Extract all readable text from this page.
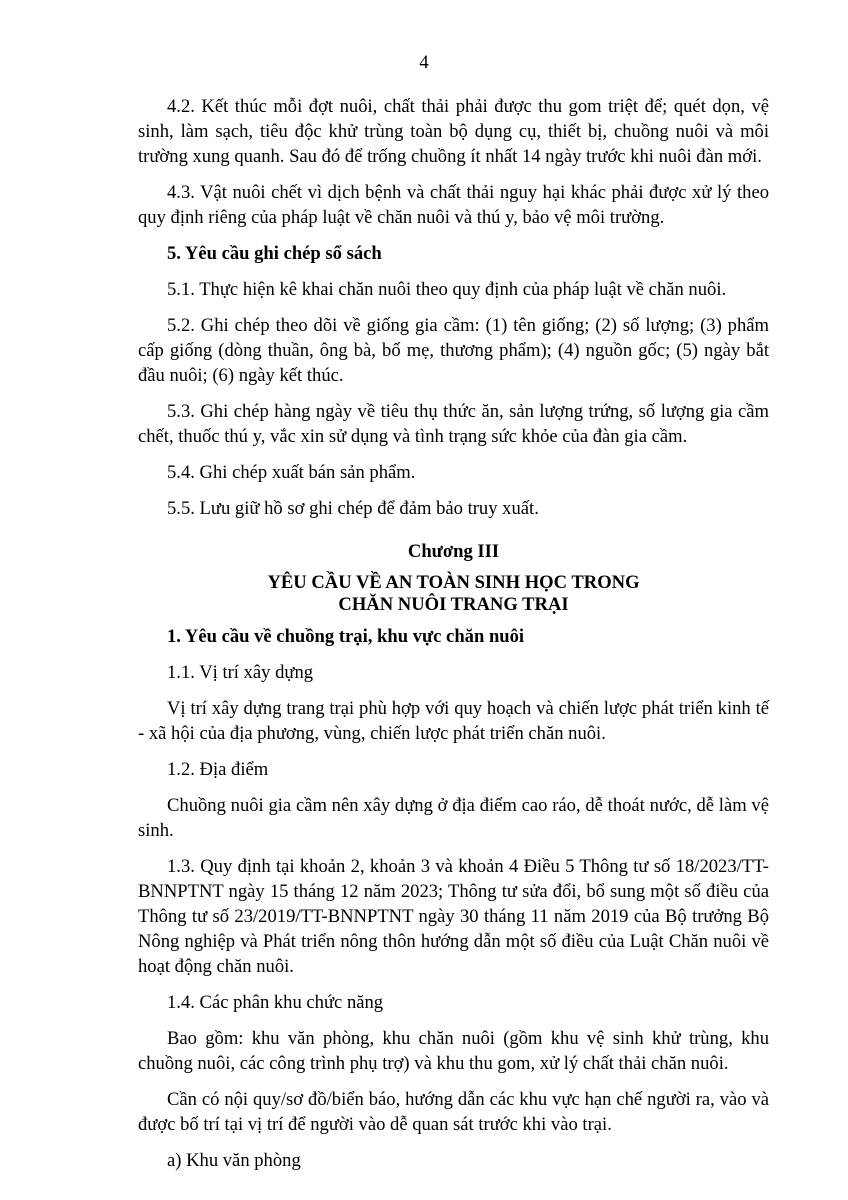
4

4.2. Kết thúc mỗi đợt nuôi, chất thải phải được thu gom triệt để; quét dọn, vệ sinh, làm sạch, tiêu độc khử trùng toàn bộ dụng cụ, thiết bị, chuồng nuôi và môi trường xung quanh. Sau đó để trống chuồng ít nhất 14 ngày trước khi nuôi đàn mới.

4.3. Vật nuôi chết vì dịch bệnh và chất thải nguy hại khác phải được xử lý theo quy định riêng của pháp luật về chăn nuôi và thú y, bảo vệ môi trường.

5. Yêu cầu ghi chép sổ sách

5.1. Thực hiện kê khai chăn nuôi theo quy định của pháp luật về chăn nuôi.

5.2. Ghi chép theo dõi về giống gia cầm: (1) tên giống; (2) số lượng; (3) phẩm cấp giống (dòng thuần, ông bà, bố mẹ, thương phẩm); (4) nguồn gốc; (5) ngày bắt đầu nuôi; (6) ngày kết thúc.

5.3. Ghi chép hàng ngày về tiêu thụ thức ăn, sản lượng trứng, số lượng gia cầm chết, thuốc thú y, vắc xin sử dụng và tình trạng sức khỏe của đàn gia cầm.

5.4. Ghi chép xuất bán sản phẩm.

5.5. Lưu giữ hồ sơ ghi chép để đảm bảo truy xuất.

Chương III

YÊU CẦU VỀ AN TOÀN SINH HỌC TRONG
CHĂN NUÔI TRANG TRẠI

1. Yêu cầu về chuồng trại, khu vực chăn nuôi

1.1. Vị trí xây dựng

Vị trí xây dựng trang trại phù hợp với quy hoạch và chiến lược phát triển kinh tế - xã hội của địa phương, vùng, chiến lược phát triển chăn nuôi.

1.2. Địa điểm

Chuồng nuôi gia cầm nên xây dựng ở địa điểm cao ráo, dễ thoát nước, dễ làm vệ sinh.

1.3. Quy định tại khoản 2, khoản 3 và khoản 4 Điều 5 Thông tư số 18/2023/TT-BNNPTNT ngày 15 tháng 12 năm 2023; Thông tư sửa đổi, bổ sung một số điều của Thông tư số 23/2019/TT-BNNPTNT ngày 30 tháng 11 năm 2019 của Bộ trưởng Bộ Nông nghiệp và Phát triển nông thôn hướng dẫn một số điều của Luật Chăn nuôi về hoạt động chăn nuôi.

1.4. Các phân khu chức năng

Bao gồm: khu văn phòng, khu chăn nuôi (gồm khu vệ sinh khử trùng, khu chuồng nuôi, các công trình phụ trợ) và khu thu gom, xử lý chất thải chăn nuôi.

Cần có nội quy/sơ đồ/biển báo, hướng dẫn các khu vực hạn chế người ra, vào và được bố trí tại vị trí để người vào dễ quan sát trước khi vào trại.

a) Khu văn phòng
